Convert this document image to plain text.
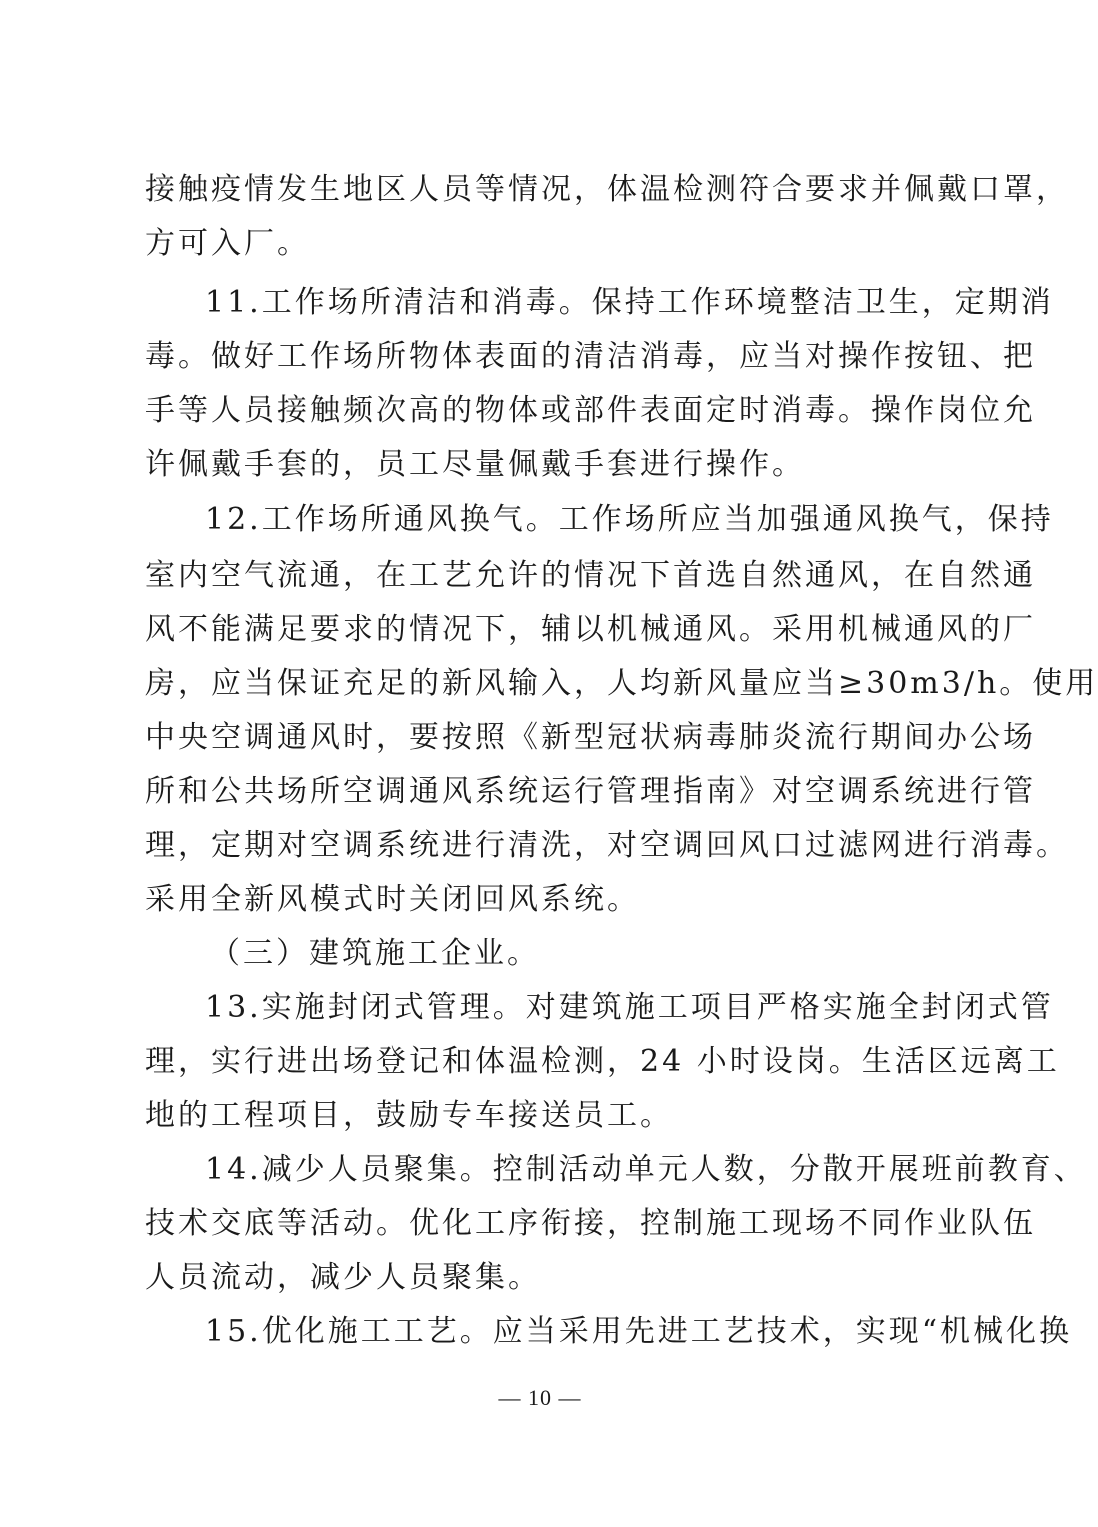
接触疫情发生地区人员等情况，体温检测符合要求并佩戴口罩，
方可入厂。
11.工作场所清洁和消毒。保持工作环境整洁卫生，定期消
毒。做好工作场所物体表面的清洁消毒，应当对操作按钮、把
手等人员接触频次高的物体或部件表面定时消毒。操作岗位允
许佩戴手套的，员工尽量佩戴手套进行操作。
12.工作场所通风换气。工作场所应当加强通风换气，保持
室内空气流通，在工艺允许的情况下首选自然通风，在自然通
风不能满足要求的情况下，辅以机械通风。采用机械通风的厂
房，应当保证充足的新风输入，人均新风量应当≥30m3/h。使用
中央空调通风时，要按照《新型冠状病毒肺炎流行期间办公场
所和公共场所空调通风系统运行管理指南》对空调系统进行管
理，定期对空调系统进行清洗，对空调回风口过滤网进行消毒。
采用全新风模式时关闭回风系统。
（三）建筑施工企业。
13.实施封闭式管理。对建筑施工项目严格实施全封闭式管
理，实行进出场登记和体温检测，24 小时设岗。生活区远离工
地的工程项目，鼓励专车接送员工。
14.减少人员聚集。控制活动单元人数，分散开展班前教育、
技术交底等活动。优化工序衔接，控制施工现场不同作业队伍
人员流动，减少人员聚集。
15.优化施工工艺。应当采用先进工艺技术，实现“机械化换
— 10 —
